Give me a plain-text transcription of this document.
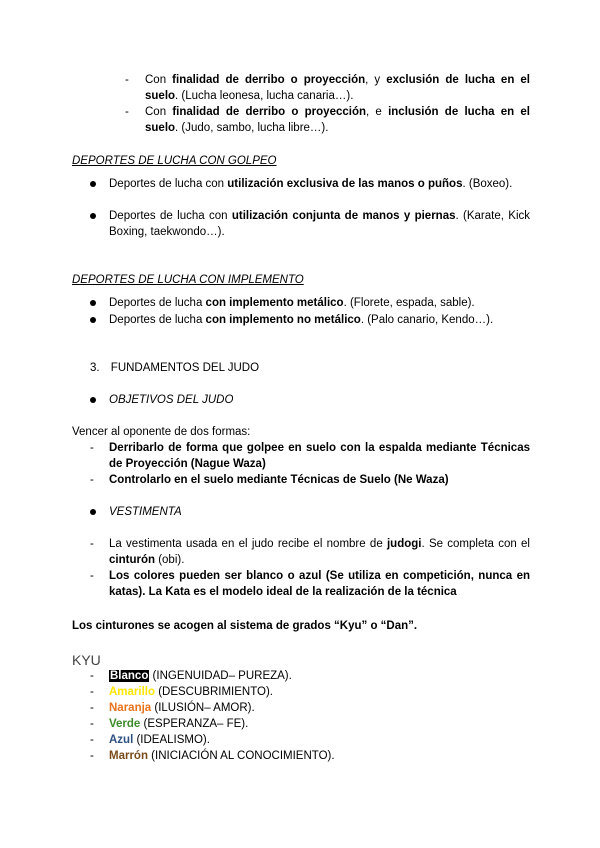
-	Con finalidad de derribo o proyección, y exclusión de lucha en el suelo. (Lucha leonesa, lucha canaria…).
-	Con finalidad de derribo o proyección, e inclusión de lucha en el suelo. (Judo, sambo, lucha libre…).
DEPORTES DE LUCHA CON GOLPEO
Deportes de lucha con utilización exclusiva de las manos o puños. (Boxeo).
Deportes de lucha con utilización conjunta de manos y piernas. (Karate, Kick Boxing, taekwondo…).
DEPORTES DE LUCHA CON IMPLEMENTO
Deportes de lucha con implemento metálico. (Florete, espada, sable).
Deportes de lucha con implemento no metálico. (Palo canario, Kendo…).
3. FUNDAMENTOS DEL JUDO
OBJETIVOS DEL JUDO
Vencer al oponente de dos formas:
-	Derribarlo de forma que golpee en suelo con la espalda mediante Técnicas de Proyección (Nague Waza)
-	Controlarlo en el suelo mediante Técnicas de Suelo (Ne Waza)
VESTIMENTA
-	La vestimenta usada en el judo recibe el nombre de judogi. Se completa con el cinturón (obi).
-	Los colores pueden ser blanco o azul (Se utiliza en competición, nunca en katas). La Kata es el modelo ideal de la realización de la técnica
Los cinturones se acogen al sistema de grados “Kyu” o “Dan”.
KYU
-	Blanco (INGENUIDAD– PUREZA).
-	Amarillo (DESCUBRIMIENTO).
-	Naranja (ILUSIÓN– AMOR).
-	Verde (ESPERANZA– FE).
-	Azul (IDEALISMO).
-	Marrón (INICIACIÓN AL CONOCIMIENTO).
